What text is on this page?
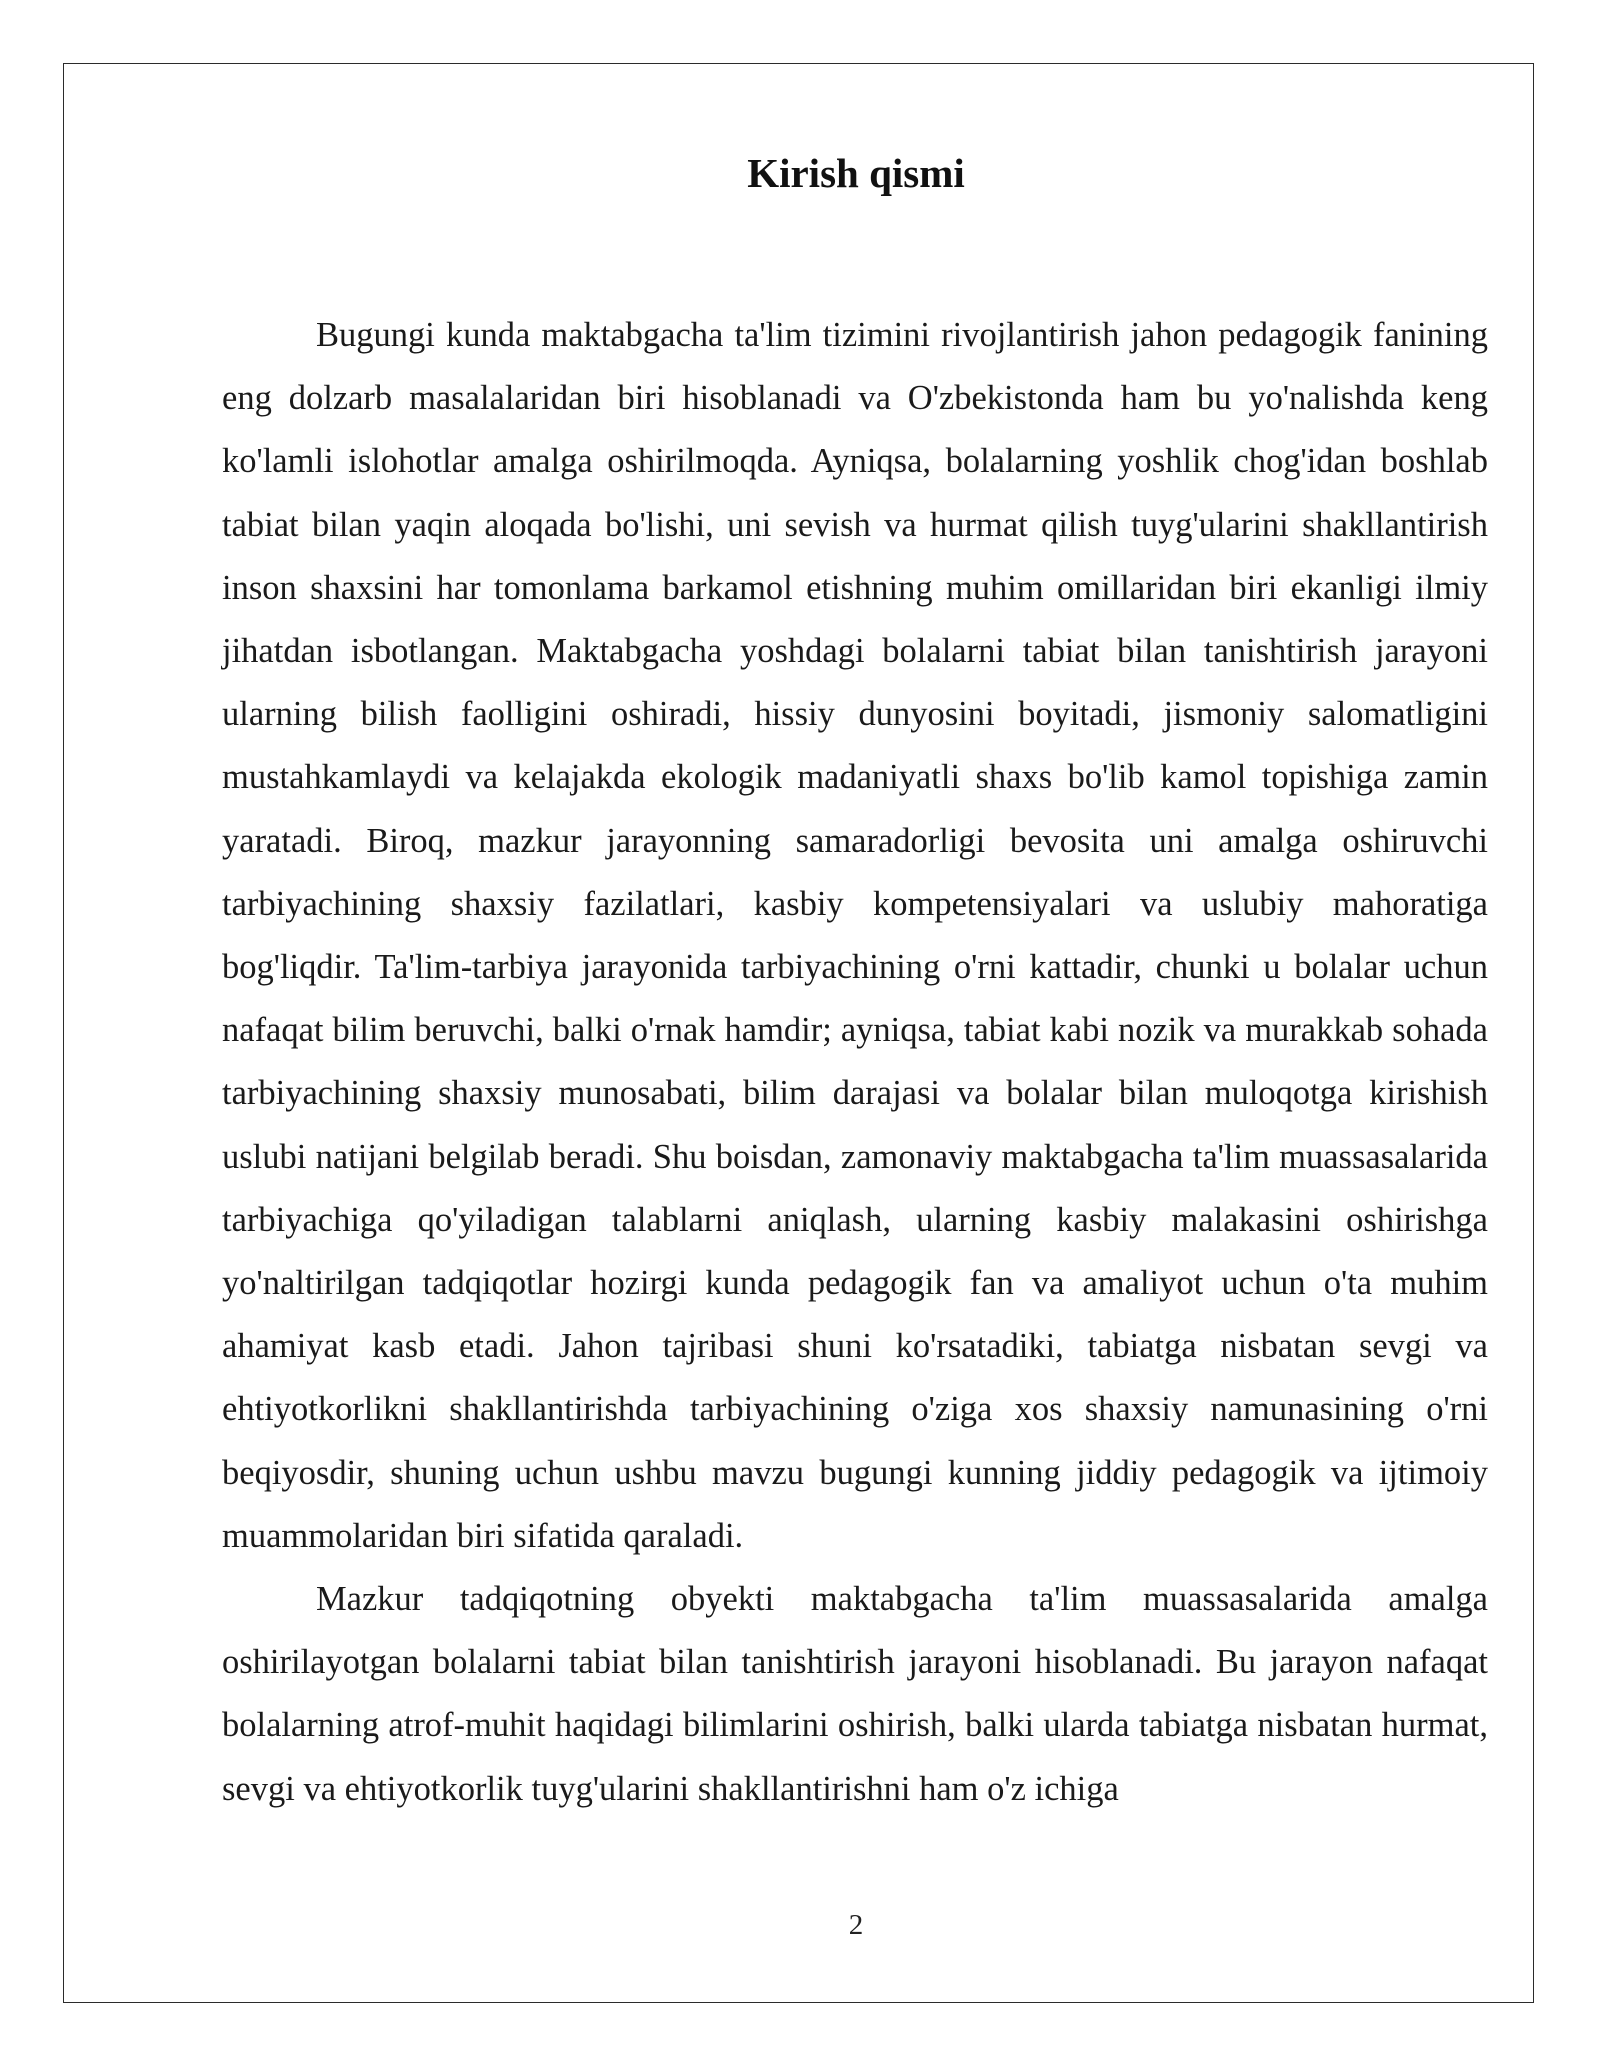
Kirish qismi

Bugungi kunda maktabgacha ta'lim tizimini rivojlantirish jahon pedagogik fanining eng dolzarb masalalaridan biri hisoblanadi va O'zbekistonda ham bu yo'nalishda keng ko'lamli islohotlar amalga oshirilmoqda. Ayniqsa, bolalarning yoshlik chog'idan boshlab tabiat bilan yaqin aloqada bo'lishi, uni sevish va hurmat qilish tuyg'ularini shakllantirish inson shaxsini har tomonlama barkamol etishning muhim omillaridan biri ekanligi ilmiy jihatdan isbotlangan. Maktabgacha yoshdagi bolalarni tabiat bilan tanishtirish jarayoni ularning bilish faolligini oshiradi, hissiy dunyosini boyitadi, jismoniy salomatligini mustahkamlaydi va kelajakda ekologik madaniyatli shaxs bo'lib kamol topishiga zamin yaratadi. Biroq, mazkur jarayonning samaradorligi bevosita uni amalga oshiruvchi tarbiyachining shaxsiy fazilatlari, kasbiy kompetensiyalari va uslubiy mahoratiga bog'liqdir. Ta'lim-tarbiya jarayonida tarbiyachining o'rni kattadir, chunki u bolalar uchun nafaqat bilim beruvchi, balki o'rnak hamdir; ayniqsa, tabiat kabi nozik va murakkab sohada tarbiyachining shaxsiy munosabati, bilim darajasi va bolalar bilan muloqotga kirishish uslubi natijani belgilab beradi. Shu boisdan, zamonaviy maktabgacha ta'lim muassasalarida tarbiyachiga qo'yiladigan talablarni aniqlash, ularning kasbiy malakasini oshirishga yo'naltirilgan tadqiqotlar hozirgi kunda pedagogik fan va amaliyot uchun o'ta muhim ahamiyat kasb etadi. Jahon tajribasi shuni ko'rsatadiki, tabiatga nisbatan sevgi va ehtiyotkorlikni shakllantirishda tarbiyachining o'ziga xos shaxsiy namunasining o'rni beqiyosdir, shuning uchun ushbu mavzu bugungi kunning jiddiy pedagogik va ijtimoiy muammolaridan biri sifatida qaraladi.

Mazkur tadqiqotning obyekti maktabgacha ta'lim muassasalarida amalga oshirilayotgan bolalarni tabiat bilan tanishtirish jarayoni hisoblanadi. Bu jarayon nafaqat bolalarning atrof-muhit haqidagi bilimlarini oshirish, balki ularda tabiatga nisbatan hurmat, sevgi va ehtiyotkorlik tuyg'ularini shakllantirishni ham o'z ichiga

2
